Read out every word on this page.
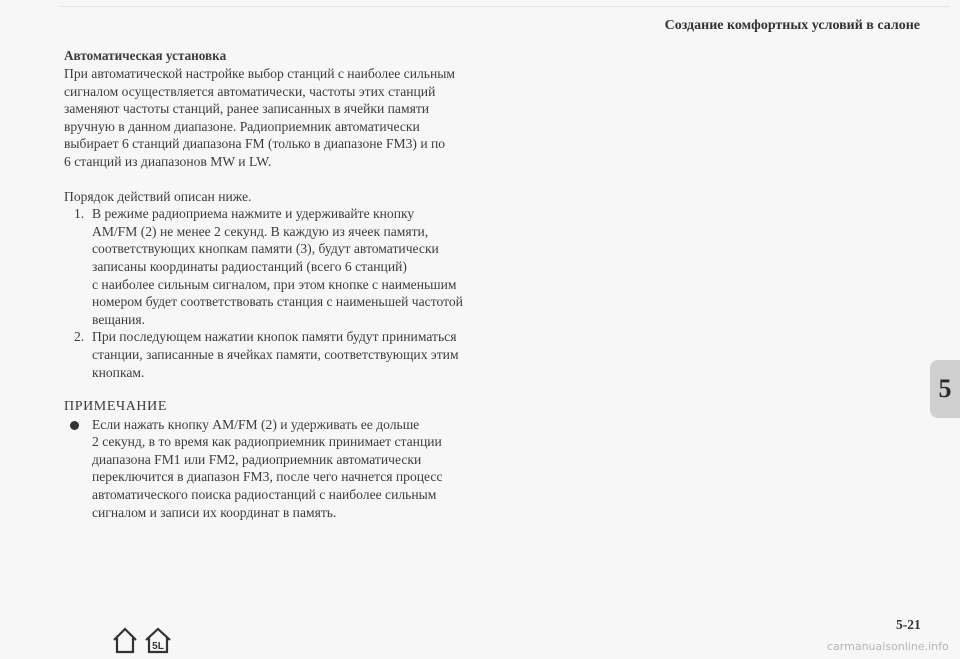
Создание комфортных условий в салоне
Автоматическая установка
При автоматической настройке выбор станций с наиболее сильным
сигналом осуществляется автоматически, частоты этих станций
заменяют частоты станций, ранее записанных в ячейки памяти
вручную в данном диапазоне. Радиоприемник автоматически
выбирает 6 станций диапазона FM (только в диапазоне FM3) и по
6 станций из диапазонов MW и LW.
Порядок действий описан ниже.
1. В режиме радиоприема нажмите и удерживайте кнопку
AM/FM (2) не менее 2 секунд. В каждую из ячеек памяти,
соответствующих кнопкам памяти (3), будут автоматически
записаны координаты радиостанций (всего 6 станций)
с наиболее сильным сигналом, при этом кнопке с наименьшим
номером будет соответствовать станция с наименьшей частотой
вещания.
2. При последующем нажатии кнопок памяти будут приниматься
станции, записанные в ячейках памяти, соответствующих этим
кнопкам.
ПРИМЕЧАНИЕ
Если нажать кнопку AM/FM (2) и удерживать ее дольше
2 секунд, в то время как радиоприемник принимает станции
диапазона FM1 или FM2, радиоприемник автоматически
переключится в диапазон FM3, после чего начнется процесс
автоматического поиска радиостанций с наиболее сильным
сигналом и записи их координат в память.
5
5L
5-21
carmanualsonline.info
